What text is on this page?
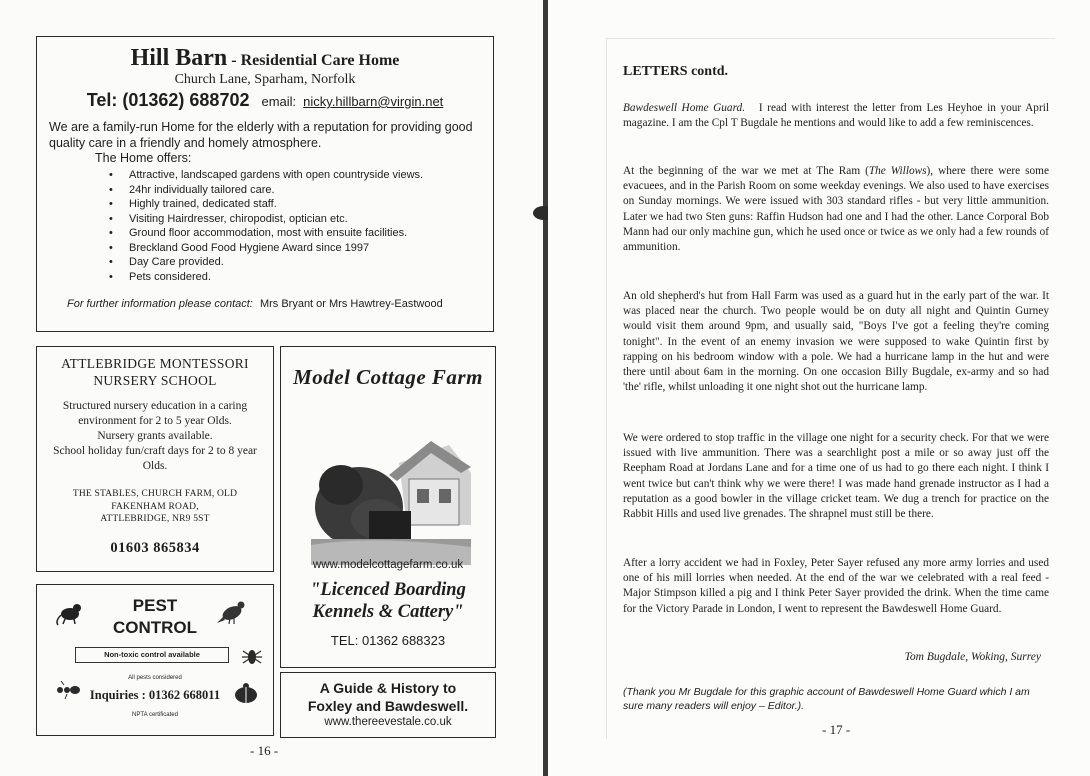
Hill Barn - Residential Care Home
Church Lane, Sparham, Norfolk
Tel: (01362) 688702 email: nicky.hillbarn@virgin.net
We are a family-run Home for the elderly with a reputation for providing good quality care in a friendly and homely atmosphere.
The Home offers:
• Attractive, landscaped gardens with open countryside views.
• 24hr individually tailored care.
• Highly trained, dedicated staff.
• Visiting Hairdresser, chiropodist, optician etc.
• Ground floor accommodation, most with ensuite facilities.
• Breckland Good Food Hygiene Award since 1997
• Day Care provided.
• Pets considered.
For further information please contact: Mrs Bryant or Mrs Hawtrey-Eastwood
ATTLEBRIDGE MONTESSORI
NURSERY SCHOOL
Structured nursery education in a caring environment for 2 to 5 year Olds.
Nursery grants available.
School holiday fun/craft days for 2 to 8 year Olds.
THE STABLES, CHURCH FARM, OLD
FAKENHAM ROAD,
ATTLEBRIDGE, NR9 5ST
01603 865834
PEST
CONTROL
Non-toxic control available
All pests considered
Inquiries : 01362 668011
NPTA certificated
Model Cottage Farm
www.modelcottagefarm.co.uk
"Licenced Boarding
Kennels & Cattery"
TEL: 01362 688323
A Guide & History to
Foxley and Bawdeswell.
www.thereevestale.co.uk
- 16 -
LETTERS contd.
Bawdeswell Home Guard. I read with interest the letter from Les Heyhoe in your April magazine. I am the Cpl T Bugdale he mentions and would like to add a few reminiscences.
At the beginning of the war we met at The Ram (The Willows), where there were some evacuees, and in the Parish Room on some weekday evenings. We also used to have exercises on Sunday mornings. We were issued with 303 standard rifles - but very little ammunition. Later we had two Sten guns: Raffin Hudson had one and I had the other. Lance Corporal Bob Mann had our only machine gun, which he used once or twice as we only had a few rounds of ammunition.
An old shepherd's hut from Hall Farm was used as a guard hut in the early part of the war. It was placed near the church. Two people would be on duty all night and Quintin Gurney would visit them around 9pm, and usually said, "Boys I've got a feeling they're coming tonight". In the event of an enemy invasion we were supposed to wake Quintin first by rapping on his bedroom window with a pole. We had a hurricane lamp in the hut and were there until about 6am in the morning. On one occasion Billy Bugdale, ex-army and so had 'the' rifle, whilst unloading it one night shot out the hurricane lamp.
We were ordered to stop traffic in the village one night for a security check. For that we were issued with live ammunition. There was a searchlight post a mile or so away just off the Reepham Road at Jordans Lane and for a time one of us had to go there each night. I think I went twice but can't think why we were there! I was made hand grenade instructor as I had a reputation as a good bowler in the village cricket team. We dug a trench for practice on the Rabbit Hills and used live grenades. The shrapnel must still be there.
After a lorry accident we had in Foxley, Peter Sayer refused any more army lorries and used one of his mill lorries when needed. At the end of the war we celebrated with a real feed - Major Stimpson killed a pig and I think Peter Sayer provided the drink. When the time came for the Victory Parade in London, I went to represent the Bawdeswell Home Guard.
Tom Bugdale, Woking, Surrey
(Thank you Mr Bugdale for this graphic account of Bawdeswell Home Guard which I am sure many readers will enjoy – Editor.).
- 17 -
